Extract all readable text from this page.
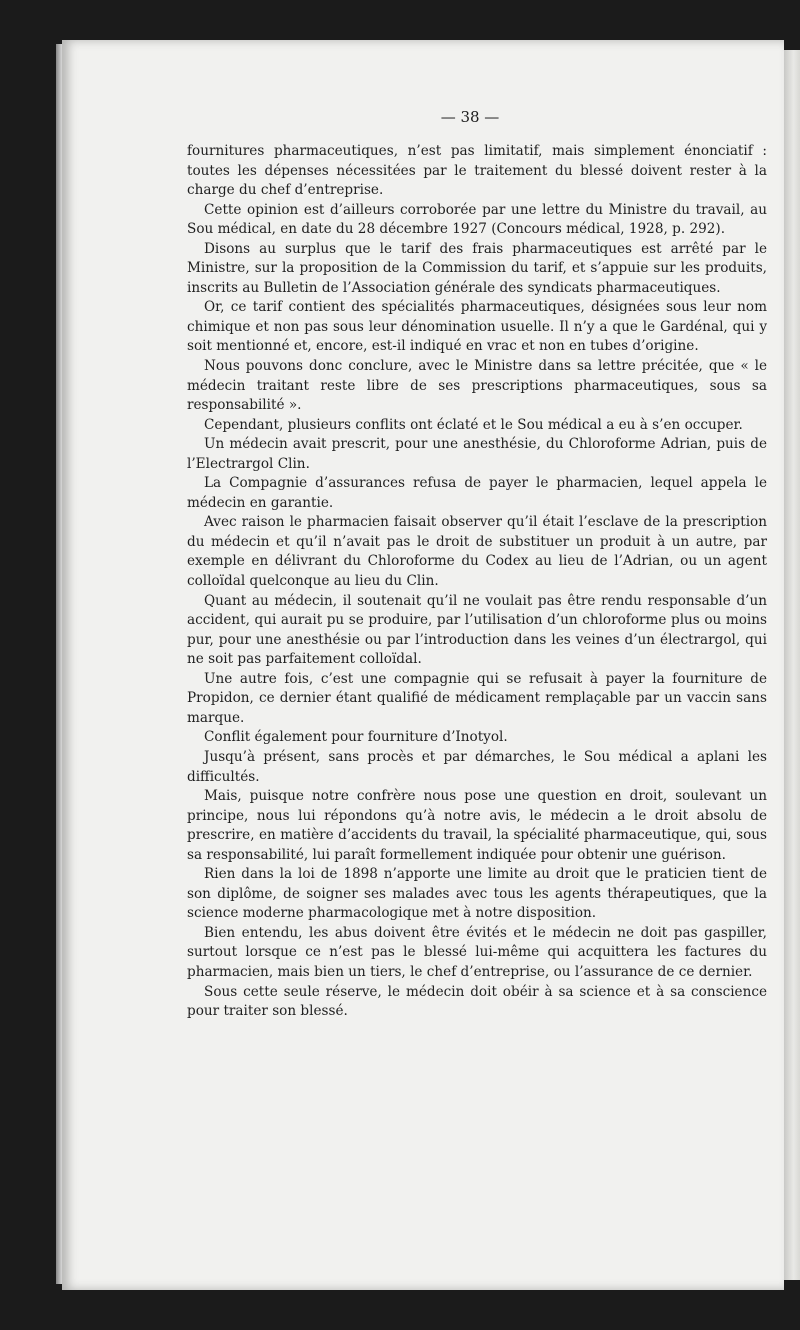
— 38 —

fournitures pharmaceutiques, n’est pas limitatif, mais simplement énonciatif : toutes les dépenses nécessitées par le traitement du blessé doivent rester à la charge du chef d’entreprise.

Cette opinion est d’ailleurs corroborée par une lettre du Ministre du travail, au Sou médical, en date du 28 décembre 1927 (Concours médical, 1928, p. 292).

Disons au surplus que le tarif des frais pharmaceutiques est arrêté par le Ministre, sur la proposition de la Commission du tarif, et s’appuie sur les produits, inscrits au Bulletin de l’Association générale des syndicats pharmaceutiques.

Or, ce tarif contient des spécialités pharmaceutiques, désignées sous leur nom chimique et non pas sous leur dénomination usuelle. Il n’y a que le Gardénal, qui y soit mentionné et, encore, est-il indiqué en vrac et non en tubes d’origine.

Nous pouvons donc conclure, avec le Ministre dans sa lettre précitée, que « le médecin traitant reste libre de ses prescriptions pharmaceutiques, sous sa responsabilité ».

Cependant, plusieurs conflits ont éclaté et le Sou médical a eu à s’en occuper.

Un médecin avait prescrit, pour une anesthésie, du Chloroforme Adrian, puis de l’Electrargol Clin.

La Compagnie d’assurances refusa de payer le pharmacien, lequel appela le médecin en garantie.

Avec raison le pharmacien faisait observer qu’il était l’esclave de la prescription du médecin et qu’il n’avait pas le droit de substituer un produit à un autre, par exemple en délivrant du Chloroforme du Codex au lieu de l’Adrian, ou un agent colloïdal quelconque au lieu du Clin.

Quant au médecin, il soutenait qu’il ne voulait pas être rendu responsable d’un accident, qui aurait pu se produire, par l’utilisation d’un chloroforme plus ou moins pur, pour une anesthésie ou par l’introduction dans les veines d’un électrargol, qui ne soit pas parfaitement colloïdal.

Une autre fois, c’est une compagnie qui se refusait à payer la fourniture de Propidon, ce dernier étant qualifié de médicament remplaçable par un vaccin sans marque.

Conflit également pour fourniture d’Inotyol.

Jusqu’à présent, sans procès et par démarches, le Sou médical a aplani les difficultés.

Mais, puisque notre confrère nous pose une question en droit, soulevant un principe, nous lui répondons qu’à notre avis, le médecin a le droit absolu de prescrire, en matière d’accidents du travail, la spécialité pharmaceutique, qui, sous sa responsabilité, lui paraît formellement indiquée pour obtenir une guérison.

Rien dans la loi de 1898 n’apporte une limite au droit que le praticien tient de son diplôme, de soigner ses malades avec tous les agents thérapeutiques, que la science moderne pharmacologique met à notre disposition.

Bien entendu, les abus doivent être évités et le médecin ne doit pas gaspiller, surtout lorsque ce n’est pas le blessé lui-même qui acquittera les factures du pharmacien, mais bien un tiers, le chef d’entreprise, ou l’assurance de ce dernier.

Sous cette seule réserve, le médecin doit obéir à sa science et à sa conscience pour traiter son blessé.
